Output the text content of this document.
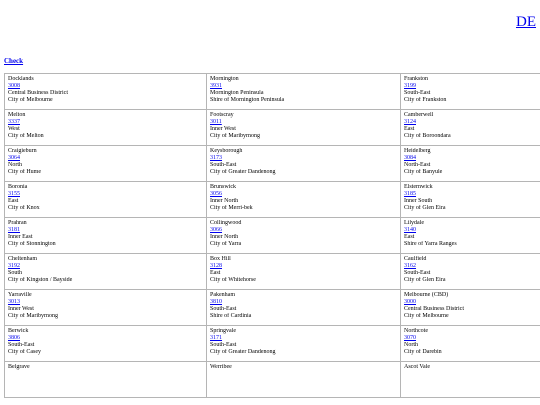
DE
Check
Docklands
3008
Central Business District
City of Melbourne	Mornington
3931
Mornington Peninsula
Shire of Mornington Peninsula	Frankston
3199
South-East
City of Frankston

Melton
3337
West
City of Melton	Footscray
3011
Inner West
City of Maribyrnong	Camberwell
3124
East
City of Boroondara

Craigieburn
3064
North
City of Hume	Keysborough
3173
South-East
City of Greater Dandenong	Heidelberg
3084
North-East
City of Banyule

Boronia
3155
East
City of Knox	Brunswick
3056
Inner North
City of Merri-bek	Elsternwick
3185
Inner South
City of Glen Eira

Prahran
3181
Inner East
City of Stonnington	Collingwood
3066
Inner North
City of Yarra	Lilydale
3140
East
Shire of Yarra Ranges

Cheltenham
3192
South
City of Kingston / Bayside	Box Hill
3128
East
City of Whitehorse	Caulfield
3162
South-East
City of Glen Eira

Yarraville
3013
Inner West
City of Maribyrnong	Pakenham
3810
South-East
Shire of Cardinia	Melbourne (CBD)
3000
Central Business District
City of Melbourne

Berwick
3806
South-East
City of Casey	Springvale
3171
South-East
City of Greater Dandenong	Northcote
3070
North
City of Darebin

Belgrave	Werribee	Ascot Vale
